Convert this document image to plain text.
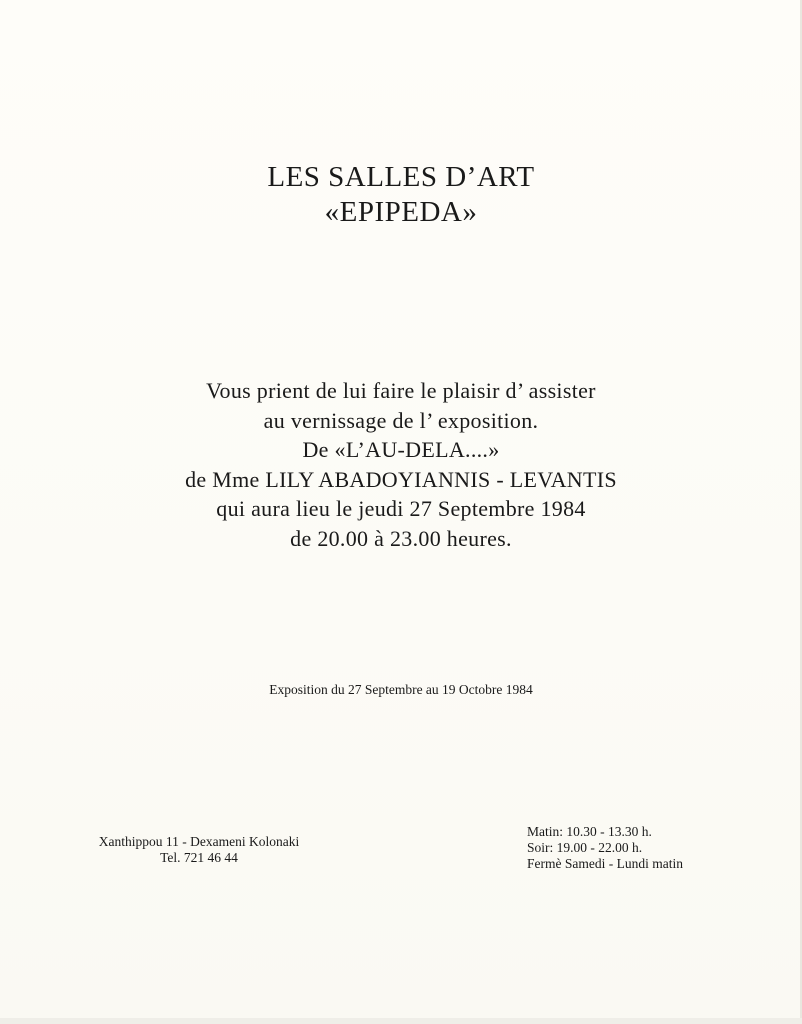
LES SALLES D’ART
«EPIPEDA»
Vous prient de lui faire le plaisir d’ assister
au vernissage de l’ exposition.
De «L’AU-DELA....»
de Mme LILY ABADOYIANNIS - LEVANTIS
qui aura lieu le jeudi 27 Septembre 1984
de 20.00 à 23.00 heures.
Exposition du 27 Septembre au 19 Octobre 1984
Xanthippou 11 - Dexameni Kolonaki
Tel. 721 46 44
Matin: 10.30 - 13.30 h.
Soir: 19.00 - 22.00 h.
Fermè Samedi - Lundi matin
